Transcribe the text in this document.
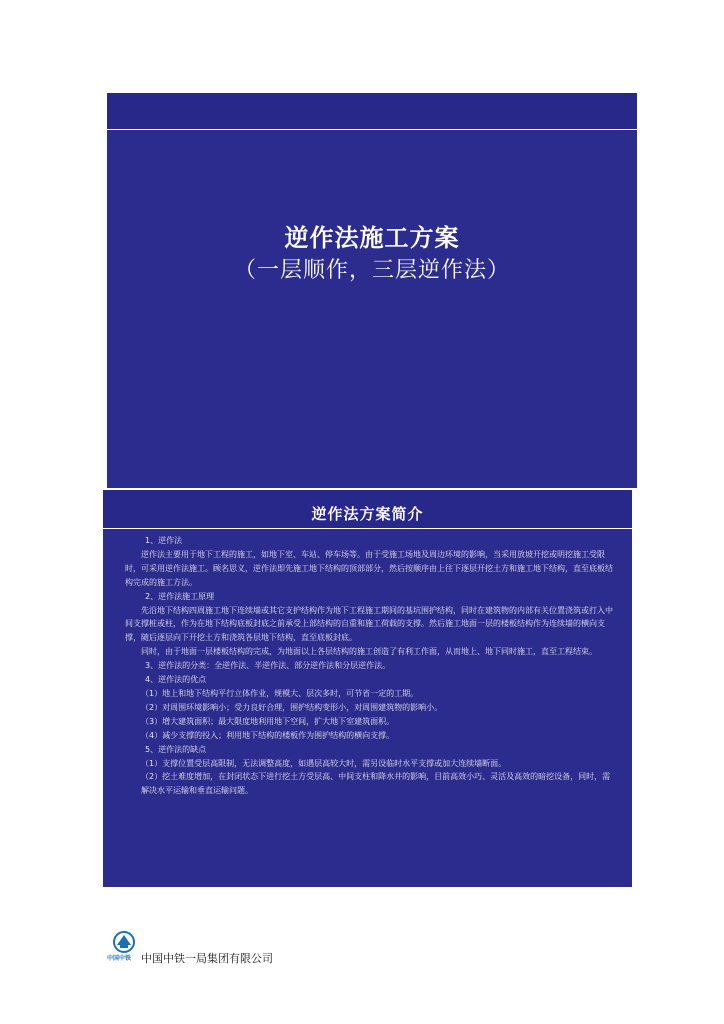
逆作法施工方案
（一层顺作，三层逆作法）
逆作法方案简介

1、逆作法

逆作法主要用于地下工程的施工，如地下室、车站、停车场等。由于受施工场地及周边环境的影响，当采用放坡开挖或明挖施工受限时，可采用逆作法施工。顾名思义，逆作法即先施工地下结构的顶部部分，然后按顺序由上往下逐层开挖土方和施工地下结构，直至底板结构完成的施工方法。

2、逆作法施工原理

先沿地下结构四周施工地下连续墙或其它支护结构作为地下工程施工期间的基坑围护结构，同时在建筑物的内部有关位置浇筑或打入中间支撑桩或柱，作为在地下结构底板封底之前承受上部结构的自重和施工荷载的支撑。然后施工地面一层的楼板结构作为连续墙的横向支撑，随后逐层向下开挖土方和浇筑各层地下结构，直至底板封底。

同时，由于地面一层楼板结构的完成，为地面以上各层结构的施工创造了有利工作面，从而地上、地下同时施工，直至工程结束。

3、逆作法的分类：全逆作法、半逆作法、部分逆作法和分层逆作法。

4、逆作法的优点

（1）地上和地下结构平行立体作业，规模大、层次多时，可节省一定的工期。

（2）对周围环境影响小；受力良好合理，围护结构变形小，对周围建筑物的影响小。

（3）增大建筑面积；最大限度地利用地下空间，扩大地下室建筑面积。

（4）减少支撑的投入；利用地下结构的楼板作为围护结构的横向支撑。

5、逆作法的缺点

（1）支撑位置受层高限制，无法调整高度，如遇层高较大时，需另设临时水平支撑或加大连续墙断面。

（2）挖土难度增加，在封闭状态下进行挖土方受层高、中间支柱和降水井的影响，目前高效小巧、灵活及高效的暗挖设备，同时，需解决水平运输和垂直运输问题。

中国中铁 中国中铁一局集团有限公司
